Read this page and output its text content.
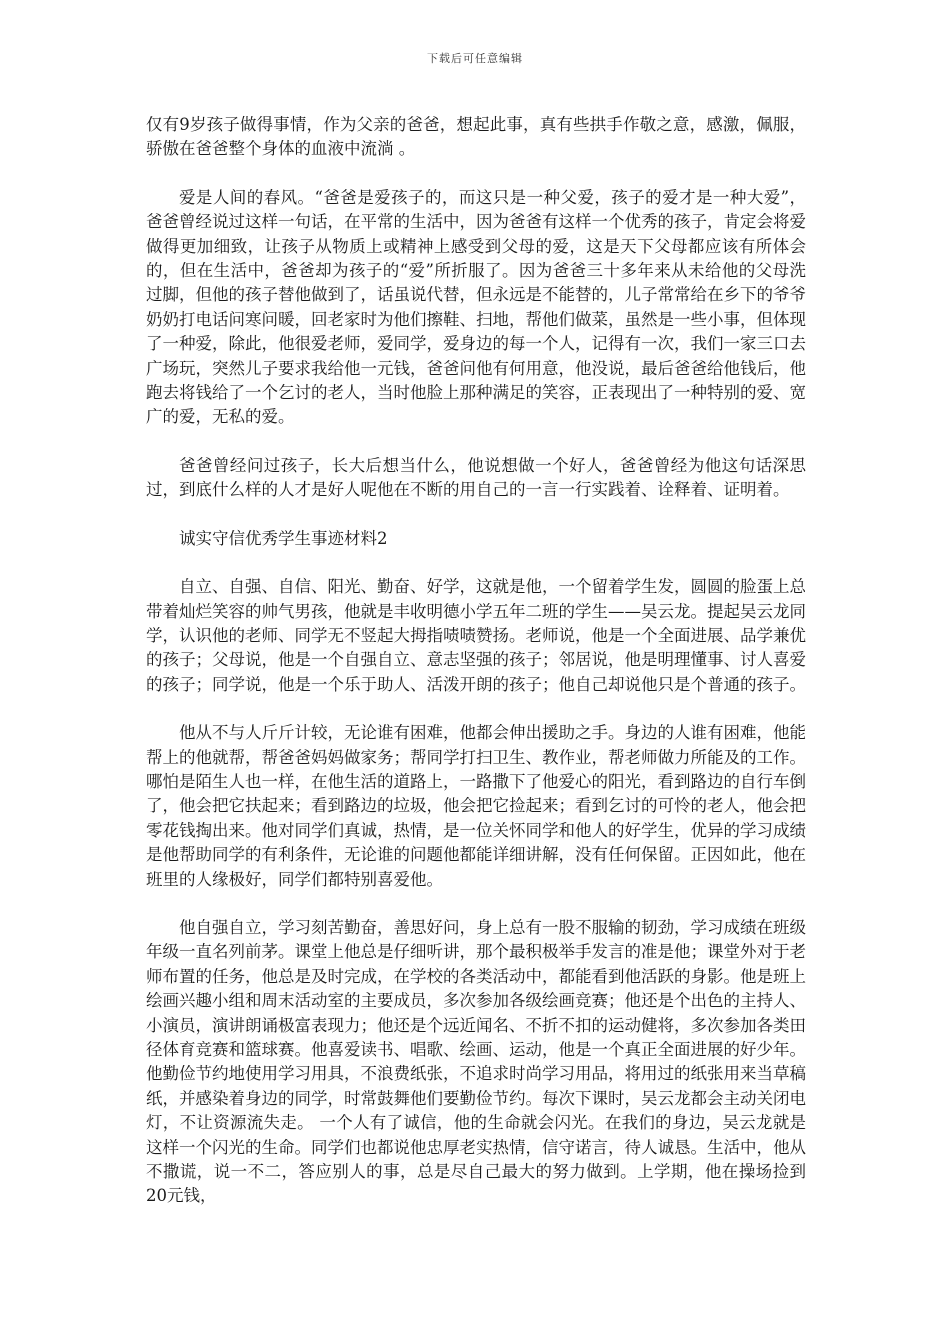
下载后可任意编辑

仅有9岁孩子做得事情，作为父亲的爸爸，想起此事，真有些拱手作敬之意，感激，佩服，骄傲在爸爸整个身体的血液中流淌 。

爱是人间的春风。“爸爸是爱孩子的，而这只是一种父爱，孩子的爱才是一种大爱”，爸爸曾经说过这样一句话，在平常的生活中，因为爸爸有这样一个优秀的孩子，肯定会将爱做得更加细致，让孩子从物质上或精神上感受到父母的爱，这是天下父母都应该有所体会的，但在生活中，爸爸却为孩子的“爱”所折服了。因为爸爸三十多年来从未给他的父母洗过脚，但他的孩子替他做到了，话虽说代替，但永远是不能替的，儿子常常给在乡下的爷爷奶奶打电话问寒问暖，回老家时为他们擦鞋、扫地，帮他们做菜，虽然是一些小事，但体现了一种爱，除此，他很爱老师，爱同学，爱身边的每一个人，记得有一次，我们一家三口去广场玩，突然儿子要求我给他一元钱，爸爸问他有何用意，他没说，最后爸爸给他钱后，他跑去将钱给了一个乞讨的老人，当时他脸上那种满足的笑容，正表现出了一种特别的爱、宽广的爱，无私的爱。

爸爸曾经问过孩子，长大后想当什么，他说想做一个好人，爸爸曾经为他这句话深思过，到底什么样的人才是好人呢他在不断的用自己的一言一行实践着、诠释着、证明着。

诚实守信优秀学生事迹材料2

自立、自强、自信、阳光、勤奋、好学，这就是他，一个留着学生发，圆圆的脸蛋上总带着灿烂笑容的帅气男孩，他就是丰收明德小学五年二班的学生——吴云龙。提起吴云龙同学，认识他的老师、同学无不竖起大拇指啧啧赞扬。老师说，他是一个全面进展、品学兼优的孩子；父母说，他是一个自强自立、意志坚强的孩子；邻居说，他是明理懂事、讨人喜爱的孩子；同学说，他是一个乐于助人、活泼开朗的孩子；他自己却说他只是个普通的孩子。

他从不与人斤斤计较，无论谁有困难，他都会伸出援助之手。身边的人谁有困难，他能帮上的他就帮，帮爸爸妈妈做家务；帮同学打扫卫生、教作业，帮老师做力所能及的工作。哪怕是陌生人也一样，在他生活的道路上，一路撒下了他爱心的阳光，看到路边的自行车倒了，他会把它扶起来；看到路边的垃圾，他会把它捡起来；看到乞讨的可怜的老人，他会把零花钱掏出来。他对同学们真诚，热情，是一位关怀同学和他人的好学生，优异的学习成绩是他帮助同学的有利条件，无论谁的问题他都能详细讲解，没有任何保留。正因如此，他在班里的人缘极好，同学们都特别喜爱他。

他自强自立，学习刻苦勤奋，善思好问，身上总有一股不服输的韧劲，学习成绩在班级年级一直名列前茅。课堂上他总是仔细听讲，那个最积极举手发言的准是他；课堂外对于老师布置的任务，他总是及时完成，在学校的各类活动中，都能看到他活跃的身影。他是班上绘画兴趣小组和周末活动室的主要成员，多次参加各级绘画竞赛；他还是个出色的主持人、小演员，演讲朗诵极富表现力；他还是个远近闻名、不折不扣的运动健将，多次参加各类田径体育竞赛和篮球赛。他喜爱读书、唱歌、绘画、运动，他是一个真正全面进展的好少年。他勤俭节约地使用学习用具，不浪费纸张，不追求时尚学习用品，将用过的纸张用来当草稿纸，并感染着身边的同学，时常鼓舞他们要勤俭节约。每次下课时，吴云龙都会主动关闭电灯，不让资源流失走。 一个人有了诚信，他的生命就会闪光。在我们的身边，吴云龙就是这样一个闪光的生命。同学们也都说他忠厚老实热情，信守诺言，待人诚恳。生活中，他从不撒谎，说一不二，答应别人的事，总是尽自己最大的努力做到。上学期，他在操场捡到20元钱，
